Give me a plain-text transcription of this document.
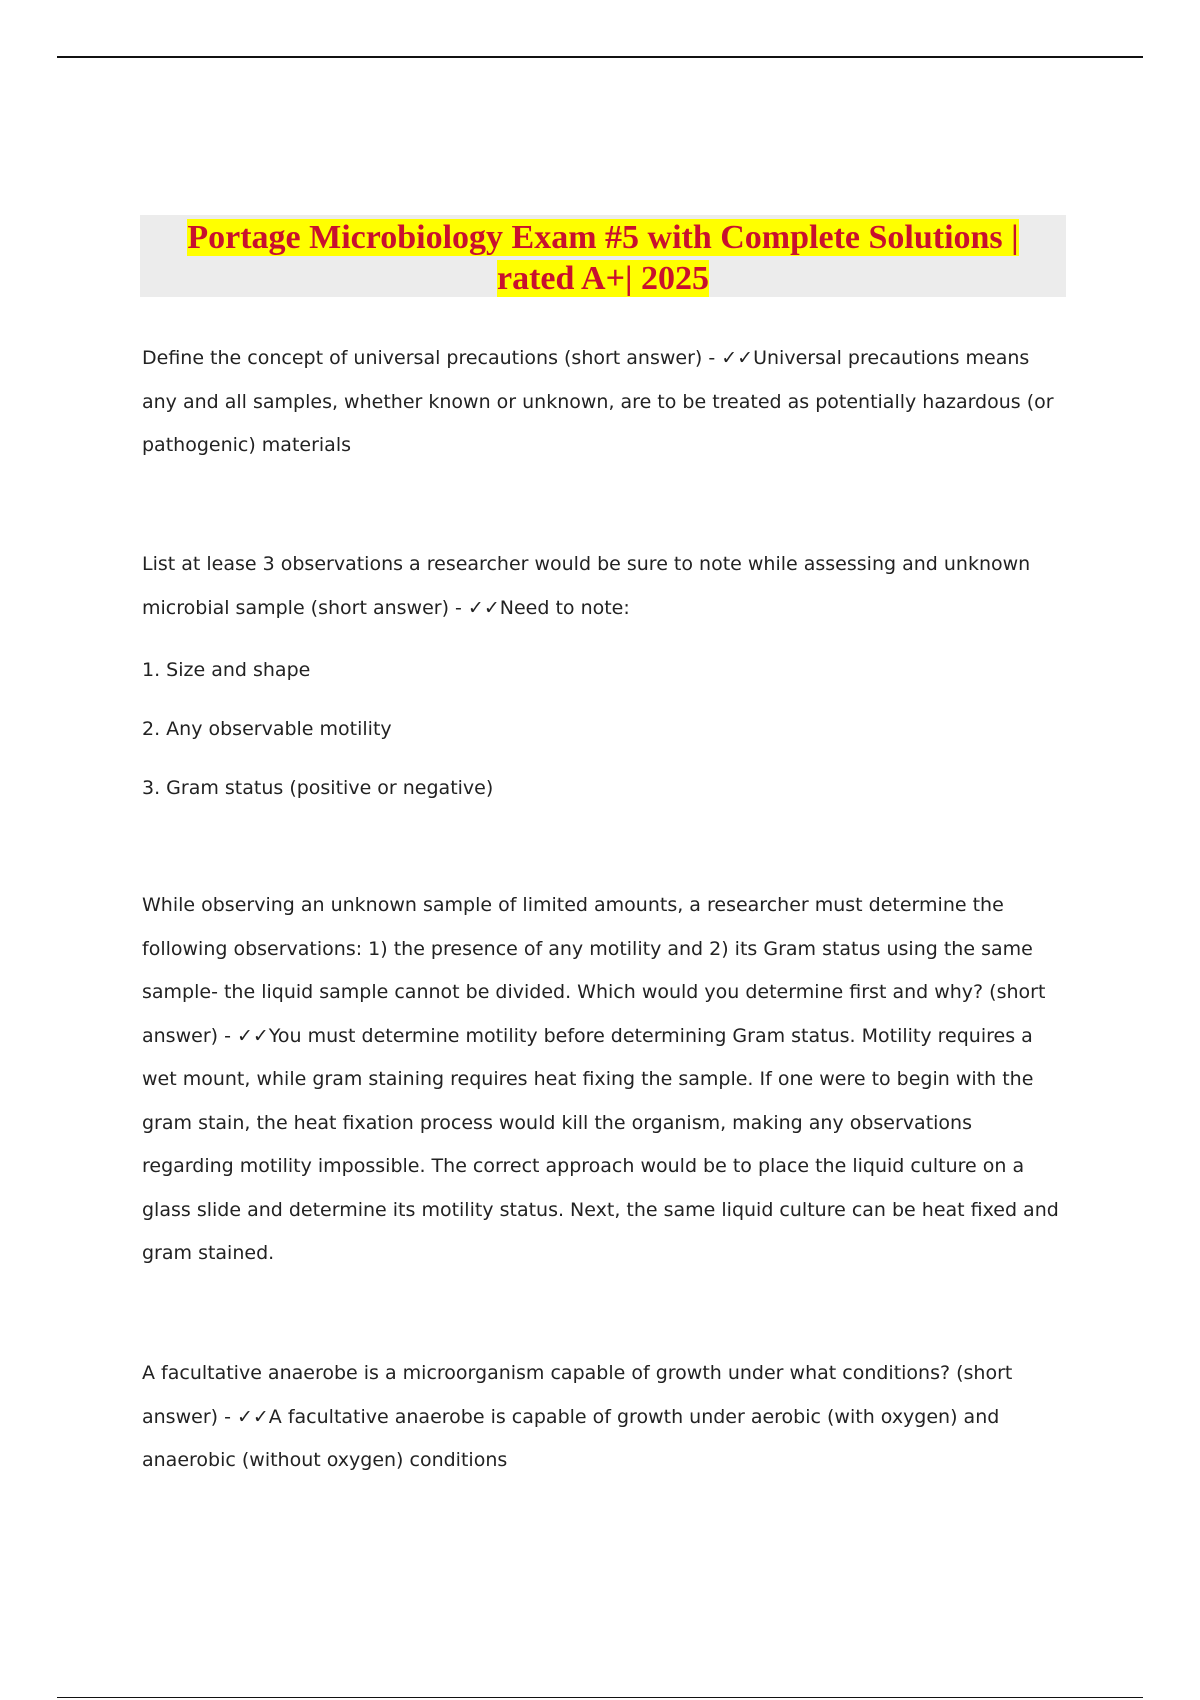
Portage Microbiology Exam #5 with Complete Solutions |
rated A+| 2025

Define the concept of universal precautions (short answer) - ✓✓Universal precautions means
any and all samples, whether known or unknown, are to be treated as potentially hazardous (or
pathogenic) materials

List at lease 3 observations a researcher would be sure to note while assessing and unknown
microbial sample (short answer) - ✓✓Need to note:

1. Size and shape

2. Any observable motility

3. Gram status (positive or negative)

While observing an unknown sample of limited amounts, a researcher must determine the
following observations: 1) the presence of any motility and 2) its Gram status using the same
sample- the liquid sample cannot be divided. Which would you determine first and why? (short
answer) - ✓✓You must determine motility before determining Gram status. Motility requires a
wet mount, while gram staining requires heat fixing the sample. If one were to begin with the
gram stain, the heat fixation process would kill the organism, making any observations
regarding motility impossible. The correct approach would be to place the liquid culture on a
glass slide and determine its motility status. Next, the same liquid culture can be heat fixed and
gram stained.

A facultative anaerobe is a microorganism capable of growth under what conditions? (short
answer) - ✓✓A facultative anaerobe is capable of growth under aerobic (with oxygen) and
anaerobic (without oxygen) conditions
